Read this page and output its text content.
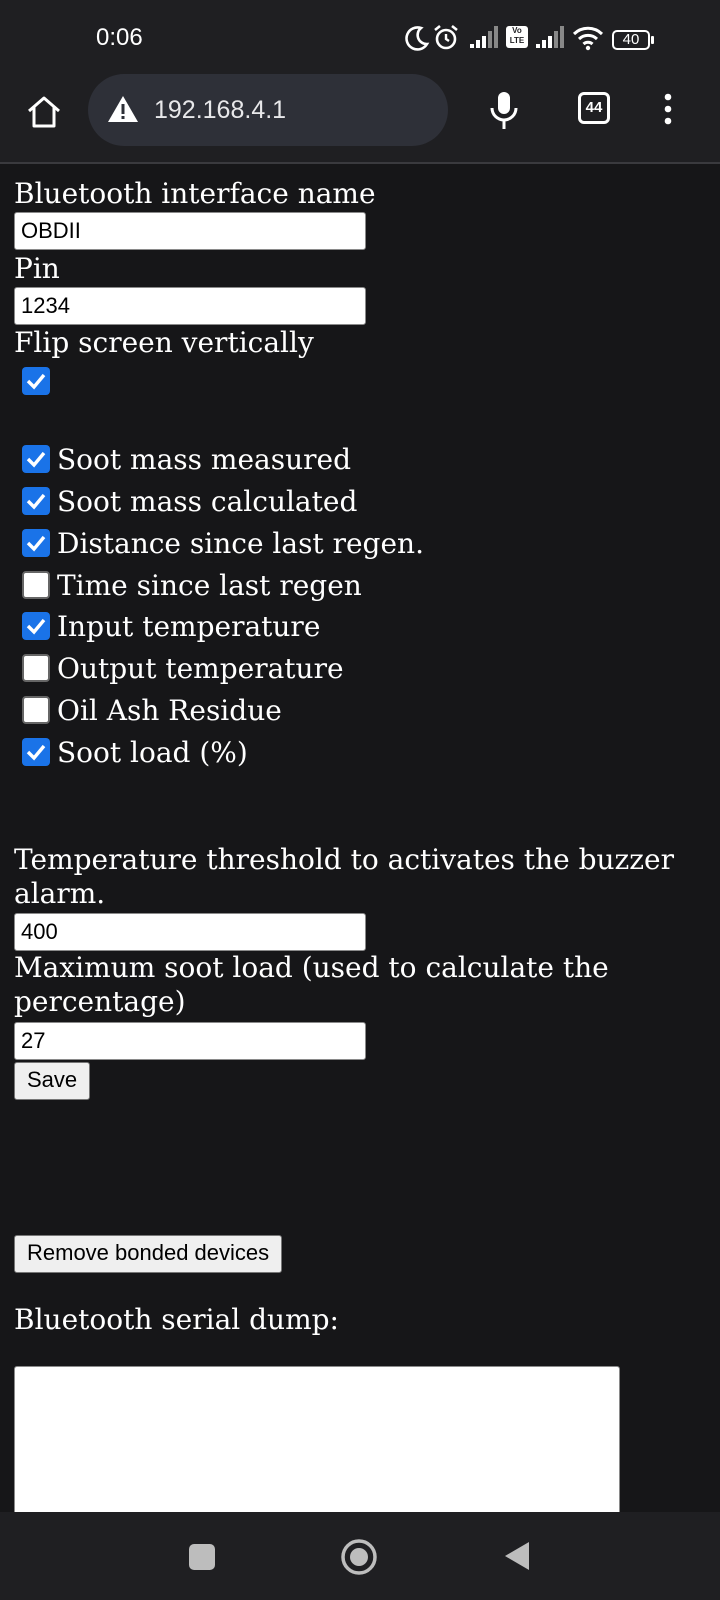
0:06	Vo LTE	40
192.168.4.1	44
Bluetooth interface name
OBDII
Pin
1234
Flip screen vertically
Soot mass measured
Soot mass calculated
Distance since last regen.
Time since last regen
Input temperature
Output temperature
Oil Ash Residue
Soot load (%)
Temperature threshold to activates the buzzer
alarm.
400
Maximum soot load (used to calculate the
percentage)
27
Save
Remove bonded devices
Bluetooth serial dump:
